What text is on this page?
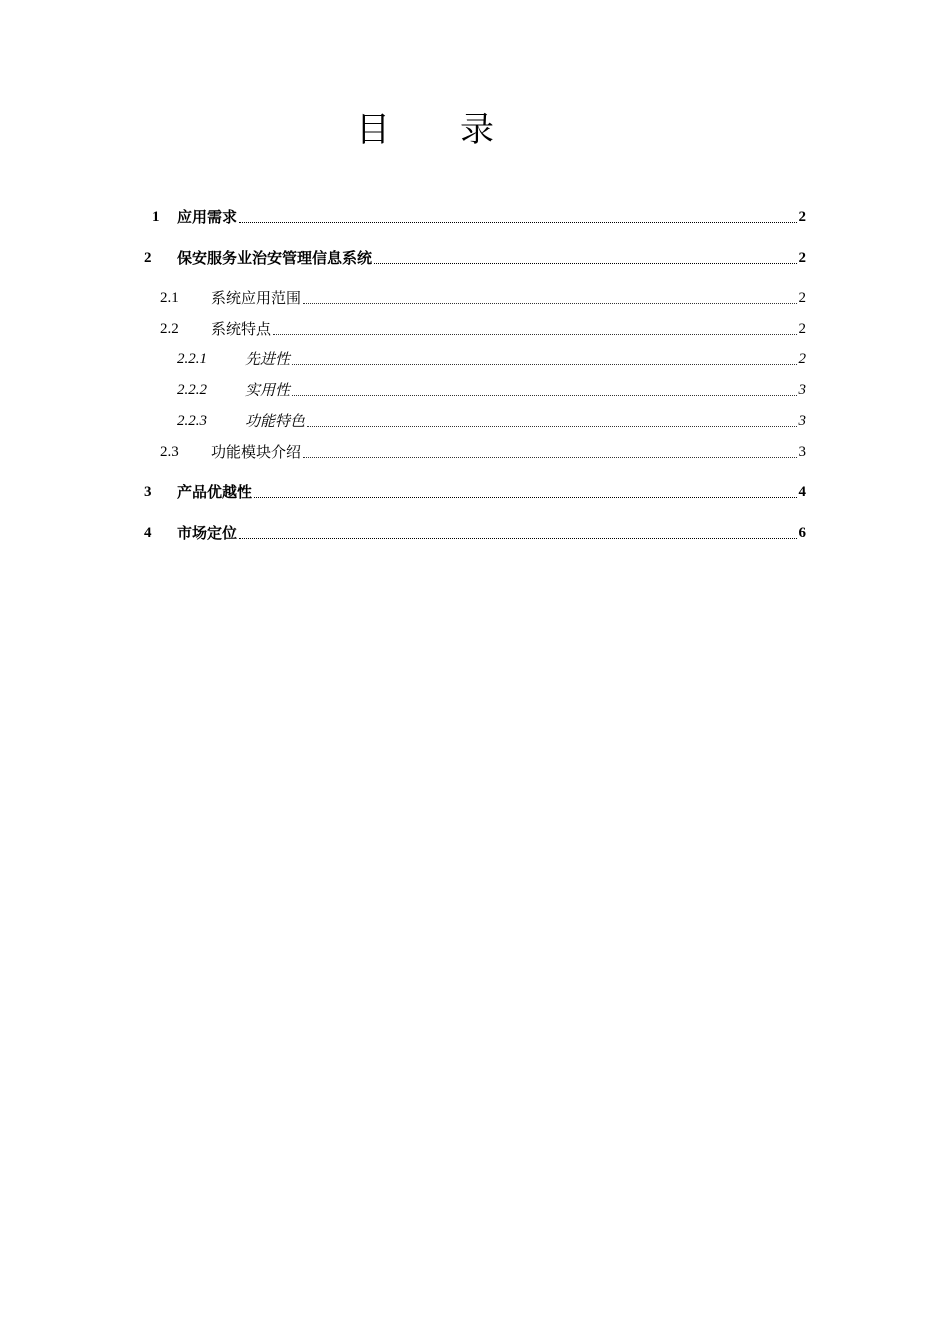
目 录
1 应用需求	2
2 保安服务业治安管理信息系统	2
2.1 系统应用范围	2
2.2 系统特点	2
2.2.1	先进性	2
2.2.2	实用性	3
2.2.3	功能特色	3
2.3 功能模块介绍	3
3 产品优越性	4
4 市场定位	6
